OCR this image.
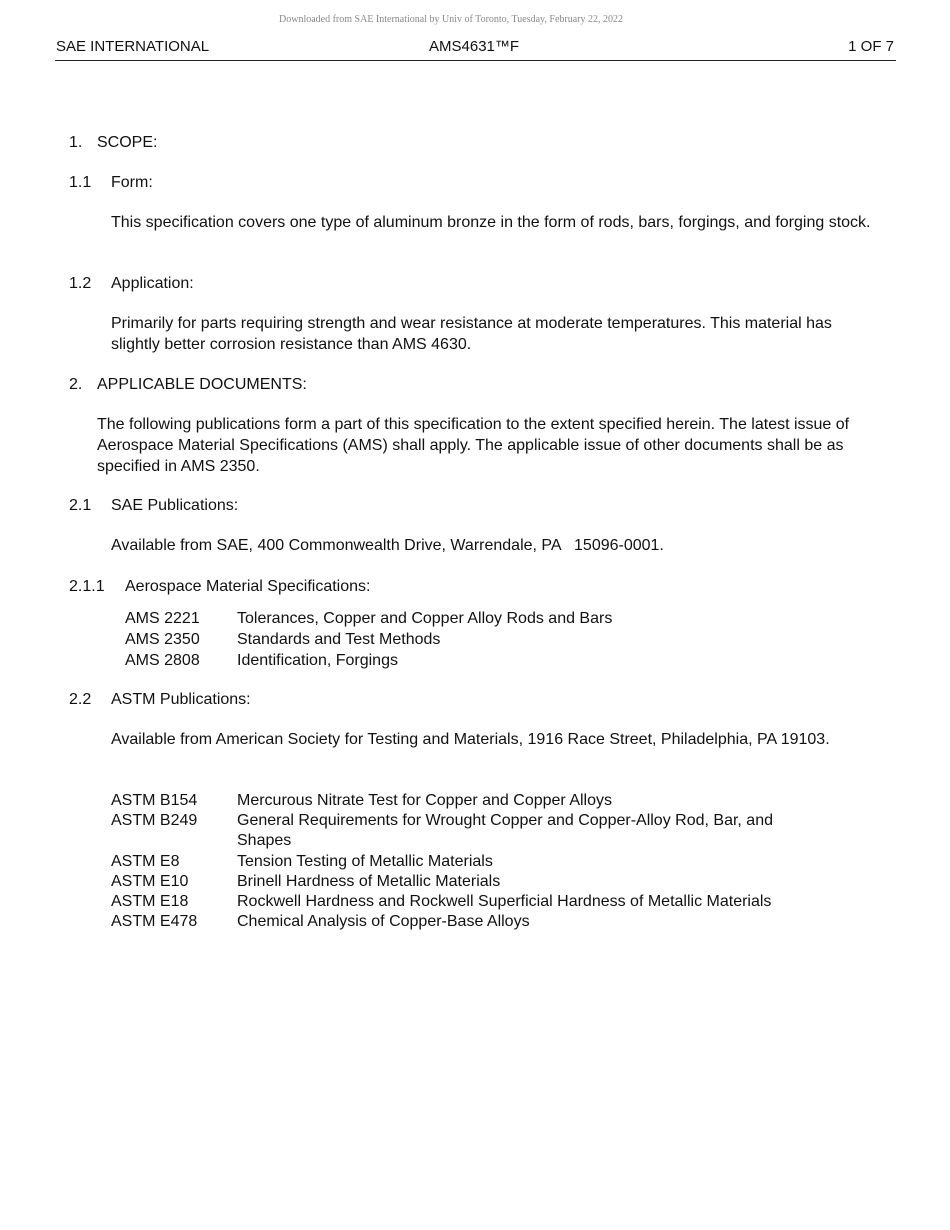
Downloaded from SAE International by Univ of Toronto, Tuesday, February 22, 2022
SAE INTERNATIONAL	AMS4631™F	1 OF 7
1. SCOPE:
1.1 Form:
This specification covers one type of aluminum bronze in the form of rods, bars, forgings, and forging stock.
1.2 Application:
Primarily for parts requiring strength and wear resistance at moderate temperatures. This material has slightly better corrosion resistance than AMS 4630.
2. APPLICABLE DOCUMENTS:
The following publications form a part of this specification to the extent specified herein. The latest issue of Aerospace Material Specifications (AMS) shall apply. The applicable issue of other documents shall be as specified in AMS 2350.
2.1 SAE Publications:
Available from SAE, 400 Commonwealth Drive, Warrendale, PA   15096-0001.
2.1.1 Aerospace Material Specifications:
AMS 2221 Tolerances, Copper and Copper Alloy Rods and Bars
AMS 2350 Standards and Test Methods
AMS 2808 Identification, Forgings
2.2 ASTM Publications:
Available from American Society for Testing and Materials, 1916 Race Street, Philadelphia, PA 19103.
ASTM B154 Mercurous Nitrate Test for Copper and Copper Alloys
ASTM B249 General Requirements for Wrought Copper and Copper-Alloy Rod, Bar, and
Shapes
ASTM E8	Tension Testing of Metallic Materials
ASTM E10	Brinell Hardness of Metallic Materials
ASTM E18	Rockwell Hardness and Rockwell Superficial Hardness of Metallic Materials
ASTM E478 Chemical Analysis of Copper-Base Alloys
